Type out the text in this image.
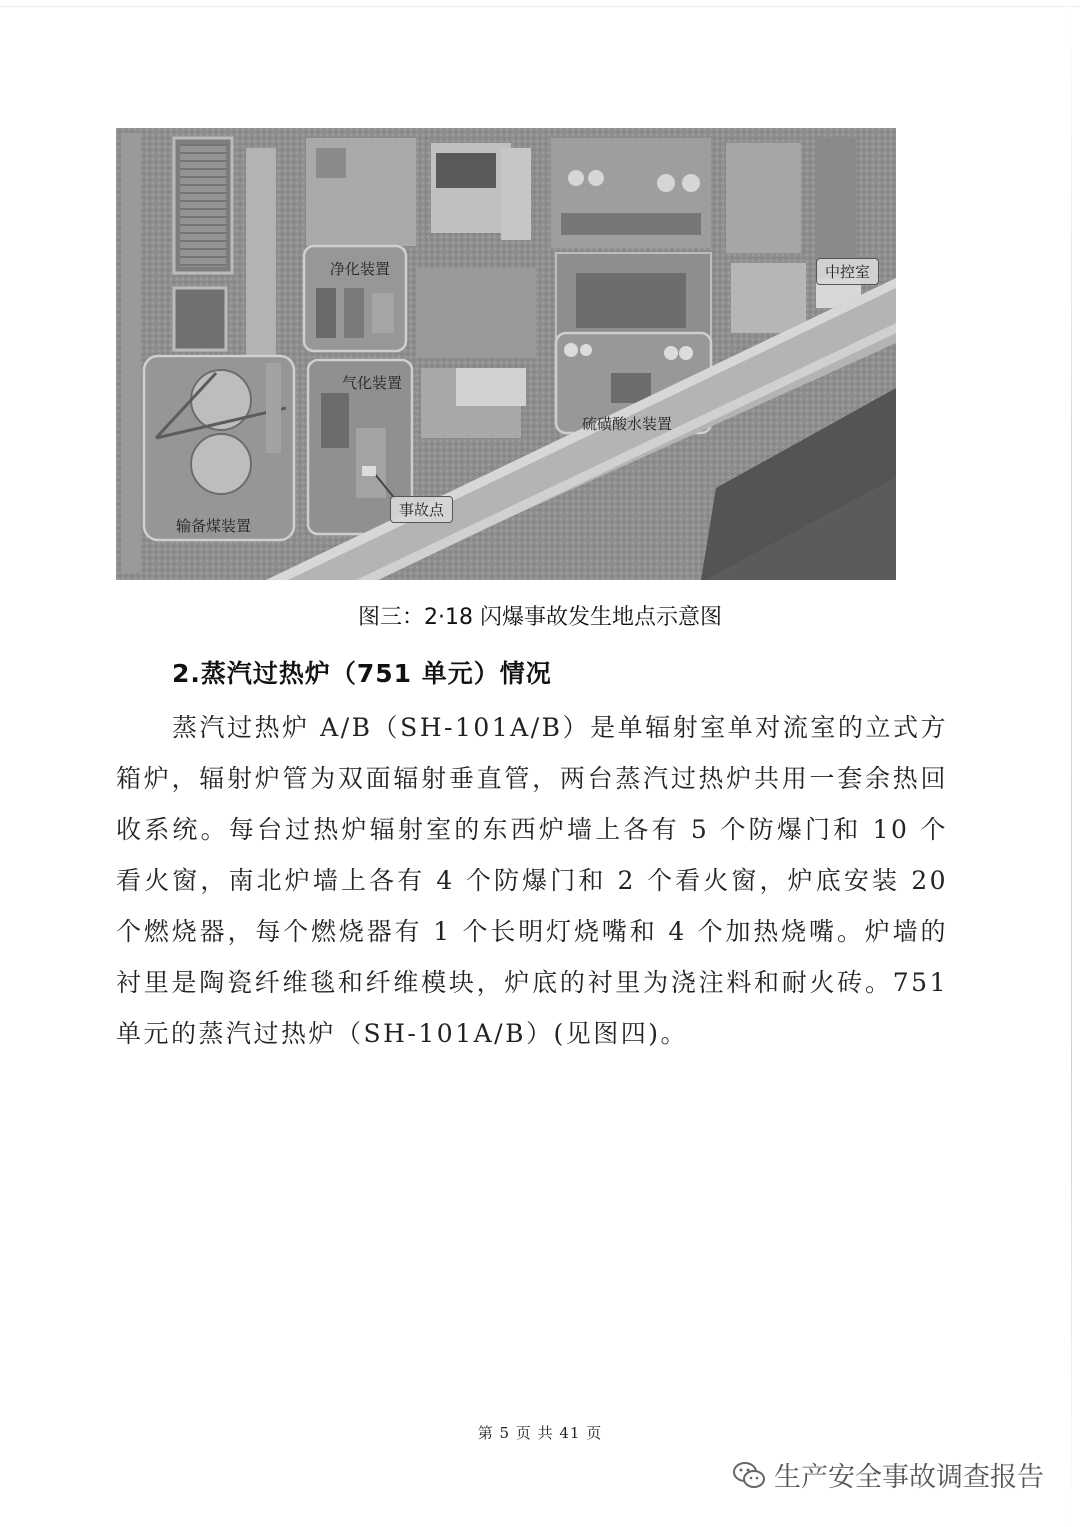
净化装置	中控室
气化装置
硫磺酸水装置
输备煤装置
事故点
图三：2·18 闪爆事故发生地点示意图
2.蒸汽过热炉（751 单元）情况
蒸汽过热炉 A/B（SH-101A/B）是单辐射室单对流室的立式方箱炉，辐射炉管为双面辐射垂直管，两台蒸汽过热炉共用一套余热回收系统。每台过热炉辐射室的东西炉墙上各有 5 个防爆门和 10 个看火窗，南北炉墙上各有 4 个防爆门和 2 个看火窗，炉底安装 20 个燃烧器，每个燃烧器有 1 个长明灯烧嘴和 4 个加热烧嘴。炉墙的衬里是陶瓷纤维毯和纤维模块，炉底的衬里为浇注料和耐火砖。751 单元的蒸汽过热炉（SH-101A/B）(见图四)。
第 5 页 共 41 页
生产安全事故调查报告
